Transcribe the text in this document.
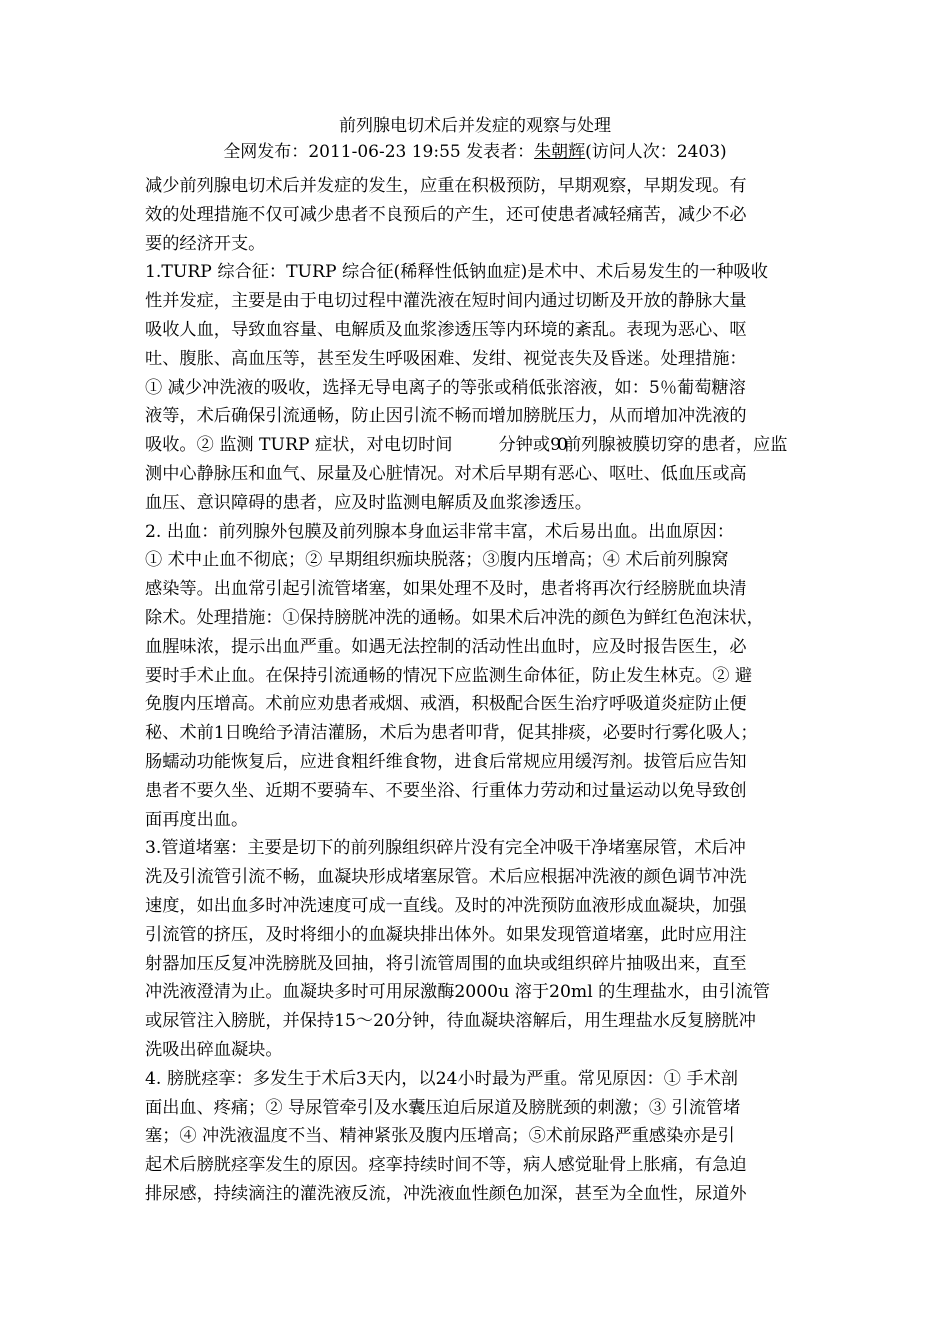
前列腺电切术后并发症的观察与处理
全网发布：2011-06-23 19:55 发表者：朱朝辉(访问人次：2403)
减少前列腺电切术后并发症的发生，应重在积极预防，早期观察，早期发现。有
效的处理措施不仅可减少患者不良预后的产生，还可使患者减轻痛苦，减少不必
要的经济开支。
1.TURP 综合征：TURP 综合征(稀释性低钠血症)是术中、术后易发生的一种吸收
性并发症，主要是由于电切过程中灌洗液在短时间内通过切断及开放的静脉大量
吸收人血，导致血容量、电解质及血浆渗透压等内环境的紊乱。表现为恶心、呕
吐、腹胀、高血压等，甚至发生呼吸困难、发绀、视觉丧失及昏迷。处理措施：
① 减少冲洗液的吸收，选择无导电离子的等张或稍低张溶液，如：5％葡萄糖溶
液等，术后确保引流通畅，防止因引流不畅而增加膀胱压力，从而增加冲洗液的
吸收。② 监测 TURP 症状，对电切时间	分钟或90前列腺被膜切穿的患者，应监
测中心静脉压和血气、尿量及心脏情况。对术后早期有恶心、呕吐、低血压或高
血压、意识障碍的患者，应及时监测电解质及血浆渗透压。
2. 出血：前列腺外包膜及前列腺本身血运非常丰富，术后易出血。出血原因：
① 术中止血不彻底；② 早期组织痂块脱落；③腹内压增高；④ 术后前列腺窝
感染等。出血常引起引流管堵塞，如果处理不及时，患者将再次行经膀胱血块清
除术。处理措施：①保持膀胱冲洗的通畅。如果术后冲洗的颜色为鲜红色泡沫状，
血腥味浓，提示出血严重。如遇无法控制的活动性出血时，应及时报告医生，必
要时手术止血。在保持引流通畅的情况下应监测生命体征，防止发生林克。② 避
免腹内压增高。术前应劝患者戒烟、戒酒，积极配合医生治疗呼吸道炎症防止便
秘、术前1日晚给予清洁灌肠，术后为患者叩背，促其排痰，必要时行雾化吸人；
肠蠕动功能恢复后，应进食粗纤维食物，进食后常规应用缓泻剂。拔管后应告知
患者不要久坐、近期不要骑车、不要坐浴、行重体力劳动和过量运动以免导致创
面再度出血。
3.管道堵塞：主要是切下的前列腺组织碎片没有完全冲吸干净堵塞尿管，术后冲
洗及引流管引流不畅，血凝块形成堵塞尿管。术后应根据冲洗液的颜色调节冲洗
速度，如出血多时冲洗速度可成一直线。及时的冲洗预防血液形成血凝块，加强
引流管的挤压，及时将细小的血凝块排出体外。如果发现管道堵塞，此时应用注
射器加压反复冲洗膀胱及回抽，将引流管周围的血块或组织碎片抽吸出来，直至
冲洗液澄清为止。血凝块多时可用尿激酶2000u 溶于20ml 的生理盐水，由引流管
或尿管注入膀胱，并保持15～20分钟，待血凝块溶解后，用生理盐水反复膀胱冲
洗吸出碎血凝块。
4. 膀胱痉挛：多发生于术后3天内，以24小时最为严重。常见原因：① 手术剖
面出血、疼痛；② 导尿管牵引及水囊压迫后尿道及膀胱颈的刺激；③ 引流管堵
塞；④ 冲洗液温度不当、精神紧张及腹内压增高；⑤术前尿路严重感染亦是引
起术后膀胱痉挛发生的原因。痉挛持续时间不等，病人感觉耻骨上胀痛，有急迫
排尿感，持续滴注的灌洗液反流，冲洗液血性颜色加深，甚至为全血性，尿道外
